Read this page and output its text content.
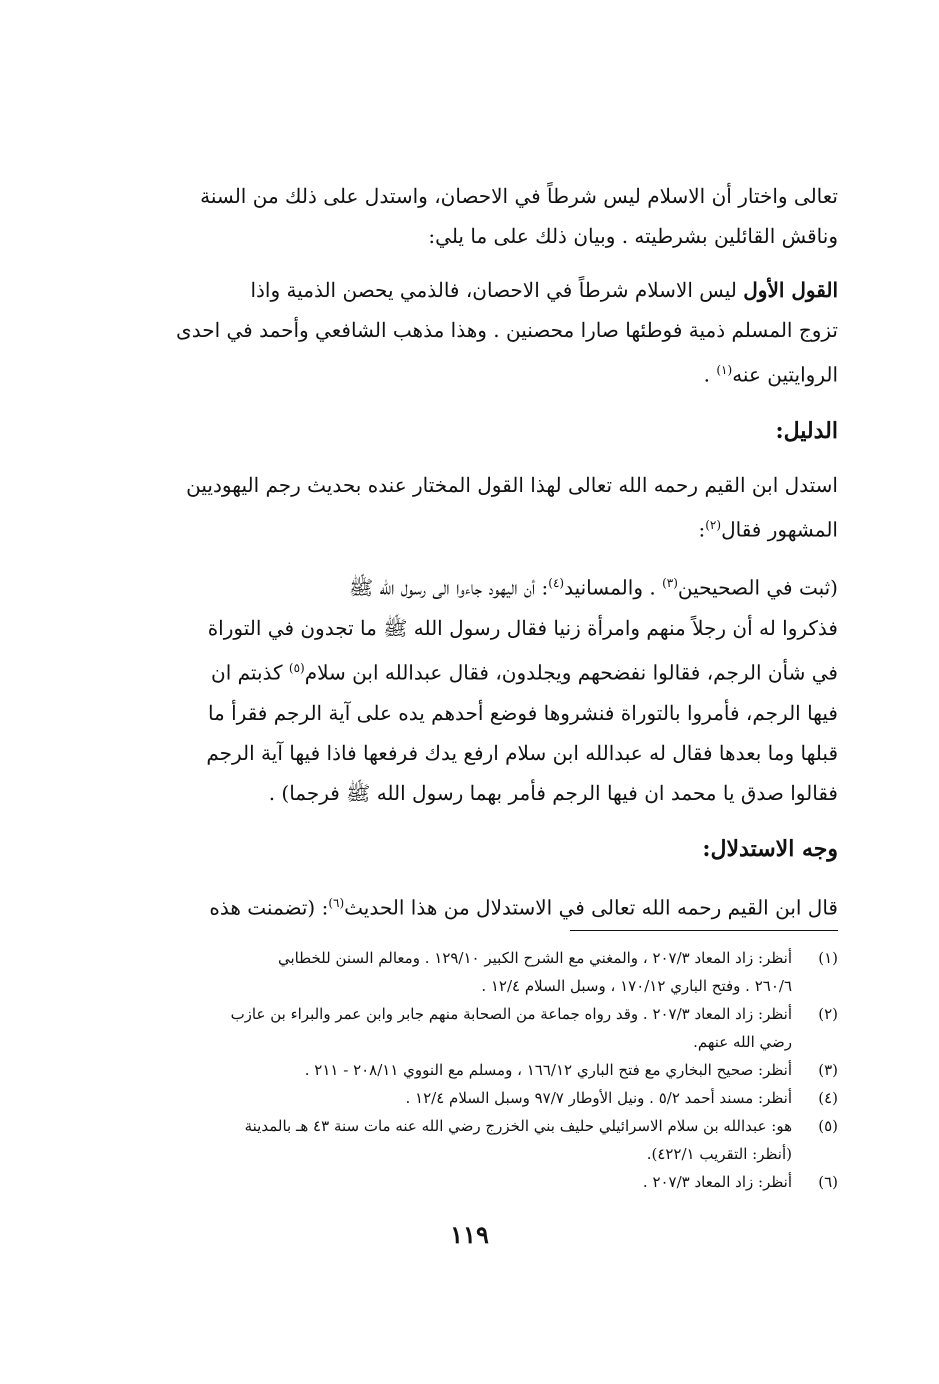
تعالى واختار أن الاسلام ليس شرطاً في الاحصان، واستدل على ذلك من السنة
وناقش القائلين بشرطيته . وبيان ذلك على ما يلي:
القول الأول ليس الاسلام شرطاً في الاحصان، فالذمي يحصن الذمية واذا
تزوج المسلم ذمية فوطئها صارا محصنين . وهذا مذهب الشافعي وأحمد في احدى
الروايتين عنه$^{(١)}$ .
الدليل:
استدل ابن القيم رحمه الله تعالى لهذا القول المختار عنده بحديث رجم اليهوديين
المشهور فقال$^{(٢)}$:
(ثبت في الصحيحين$^{(٣)}$ . والمسانيد$^{(٤)}$: أن اليهود جاءوا الى رسول الله ﷺ
فذكروا له أن رجلاً منهم وامرأة زنيا فقال رسول الله ﷺ ما تجدون في التوراة
في شأن الرجم، فقالوا نفضحهم ويجلدون، فقال عبدالله ابن سلام$^{(٥)}$ كذبتم ان
فيها الرجم، فأمروا بالتوراة فنشروها فوضع أحدهم يده على آية الرجم فقرأ ما
قبلها وما بعدها فقال له عبدالله ابن سلام ارفع يدك فرفعها فاذا فيها آية الرجم
فقالوا صدق يا محمد ان فيها الرجم فأمر بهما رسول الله ﷺ فرجما) .
وجه الاستدلال:
قال ابن القيم رحمه الله تعالى في الاستدلال من هذا الحديث$^{(٦)}$: (تضمنت هذه
(١)
أنظر: زاد المعاد ٢٠٧/٣ ، والمغني مع الشرح الكبير ١٢٩/١٠ . ومعالم السنن للخطابي
٢٦٠/٦ . وفتح الباري ١٧٠/١٢ ، وسبل السلام ١٢/٤ .
(٢)
أنظر: زاد المعاد ٢٠٧/٣ . وقد رواه جماعة من الصحابة منهم جابر وابن عمر والبراء بن عازب
رضي الله عنهم.
(٣)
أنظر: صحيح البخاري مع فتح الباري ١٦٦/١٢ ، ومسلم مع النووي ٢٠٨/١١ - ٢١١ .
(٤)
أنظر: مسند أحمد ٥/٢ . ونيل الأوطار ٩٧/٧ وسبل السلام ١٢/٤ .
(٥)
هو: عبدالله بن سلام الاسرائيلي حليف بني الخزرج رضي الله عنه مات سنة ٤٣ هـ بالمدينة
(أنظر: التقريب ٤٢٢/١).
(٦)
أنظر: زاد المعاد ٢٠٧/٣ .
١١٩
